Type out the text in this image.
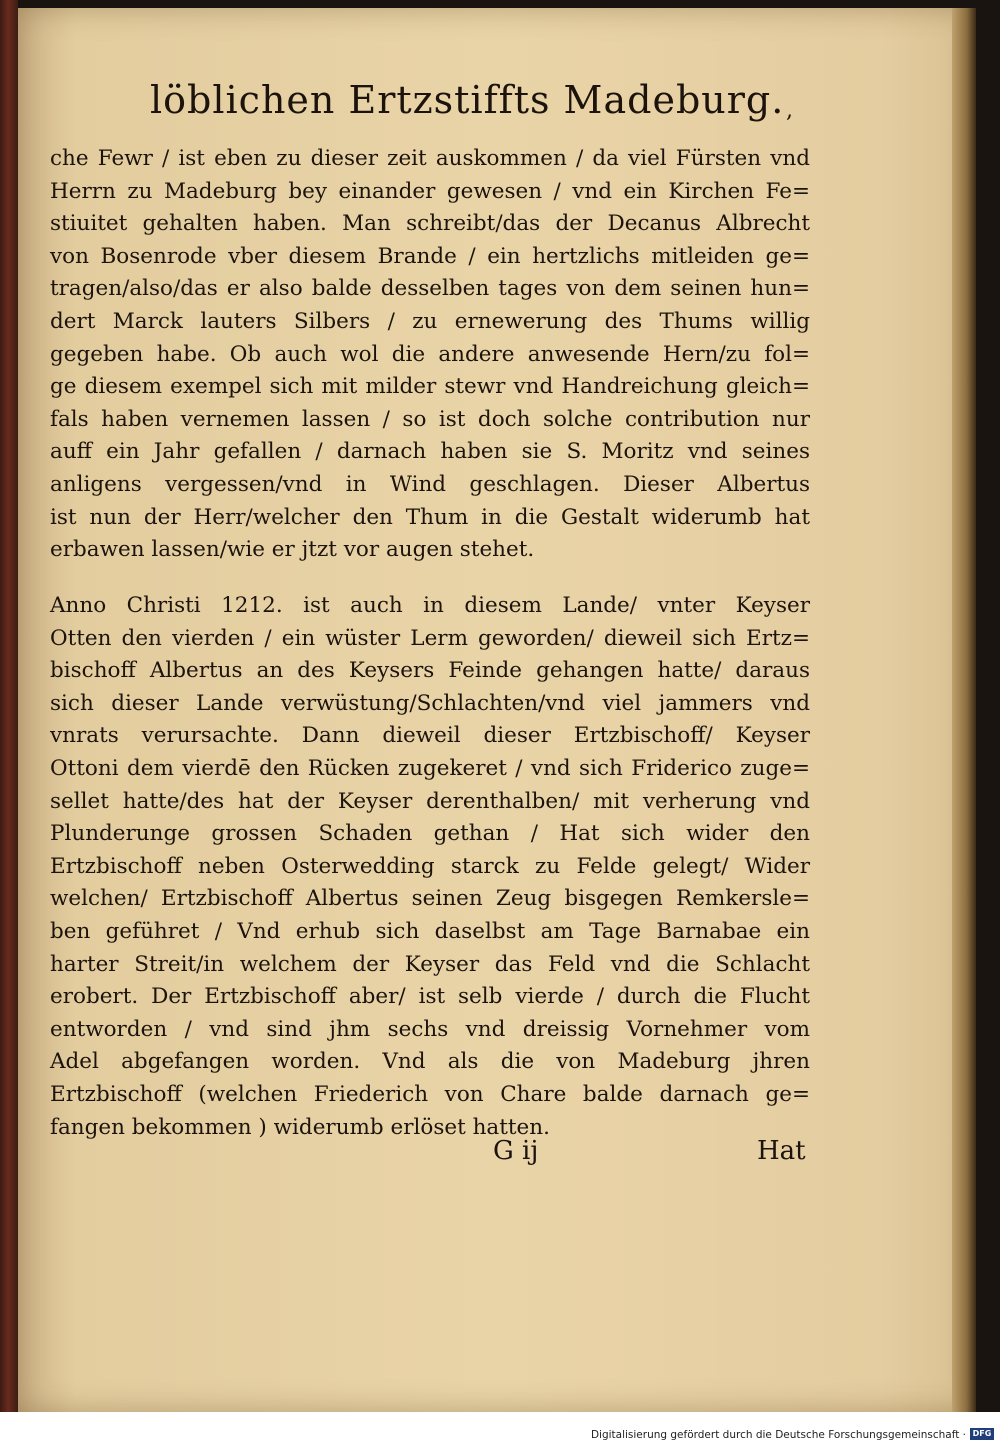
löblichen Ertzstiffts Madeburg. ,
che Fewr / ist eben zu dieser zeit auskommen / da viel Fürsten vnd
Herrn zu Madeburg bey einander gewesen / vnd ein Kirchen Fe=
stiuitet gehalten haben. Man schreibt/das der Decanus Albrecht
von Bosenrode vber diesem Brande / ein hertzlichs mitleiden ge=
tragen/also/das er also balde desselben tages von dem seinen hun=
dert Marck lauters Silbers / zu ernewerung des Thums willig
gegeben habe. Ob auch wol die andere anwesende Hern/zu fol=
ge diesem exempel sich mit milder stewr vnd Handreichung gleich=
fals haben vernemen lassen / so ist doch solche contribution nur
auff ein Jahr gefallen / darnach haben sie S. Moritz vnd seines
anligens vergessen/vnd in Wind geschlagen. Dieser Albertus
ist nun der Herr/welcher den Thum in die Gestalt widerumb hat
erbawen lassen/wie er jtzt vor augen stehet.
Anno Christi 1212. ist auch in diesem Lande/ vnter Keyser
Otten den vierden / ein wüster Lerm geworden/ dieweil sich Ertz=
bischoff Albertus an des Keysers Feinde gehangen hatte/ daraus
sich dieser Lande verwüstung/Schlachten/vnd viel jammers vnd
vnrats verursachte. Dann dieweil dieser Ertzbischoff/ Keyser
Ottoni dem vierdē den Rücken zugekeret / vnd sich Friderico zuge=
sellet hatte/des hat der Keyser derenthalben/ mit verherung vnd
Plunderunge grossen Schaden gethan / Hat sich wider den
Ertzbischoff neben Osterwedding starck zu Felde gelegt/ Wider
welchen/ Ertzbischoff Albertus seinen Zeug bisgegen Remkersle=
ben geführet / Vnd erhub sich daselbst am Tage Barnabae ein
harter Streit/in welchem der Keyser das Feld vnd die Schlacht
erobert. Der Ertzbischoff aber/ ist selb vierde / durch die Flucht
entworden / vnd sind jhm sechs vnd dreissig Vornehmer vom
Adel abgefangen worden. Vnd als die von Madeburg jhren
Ertzbischoff (welchen Friederich von Chare balde darnach ge=
fangen bekommen ) widerumb erlöset hatten.
G ij	Hat
Digitalisierung gefördert durch die Deutsche Forschungsgemeinschaft · DFG
